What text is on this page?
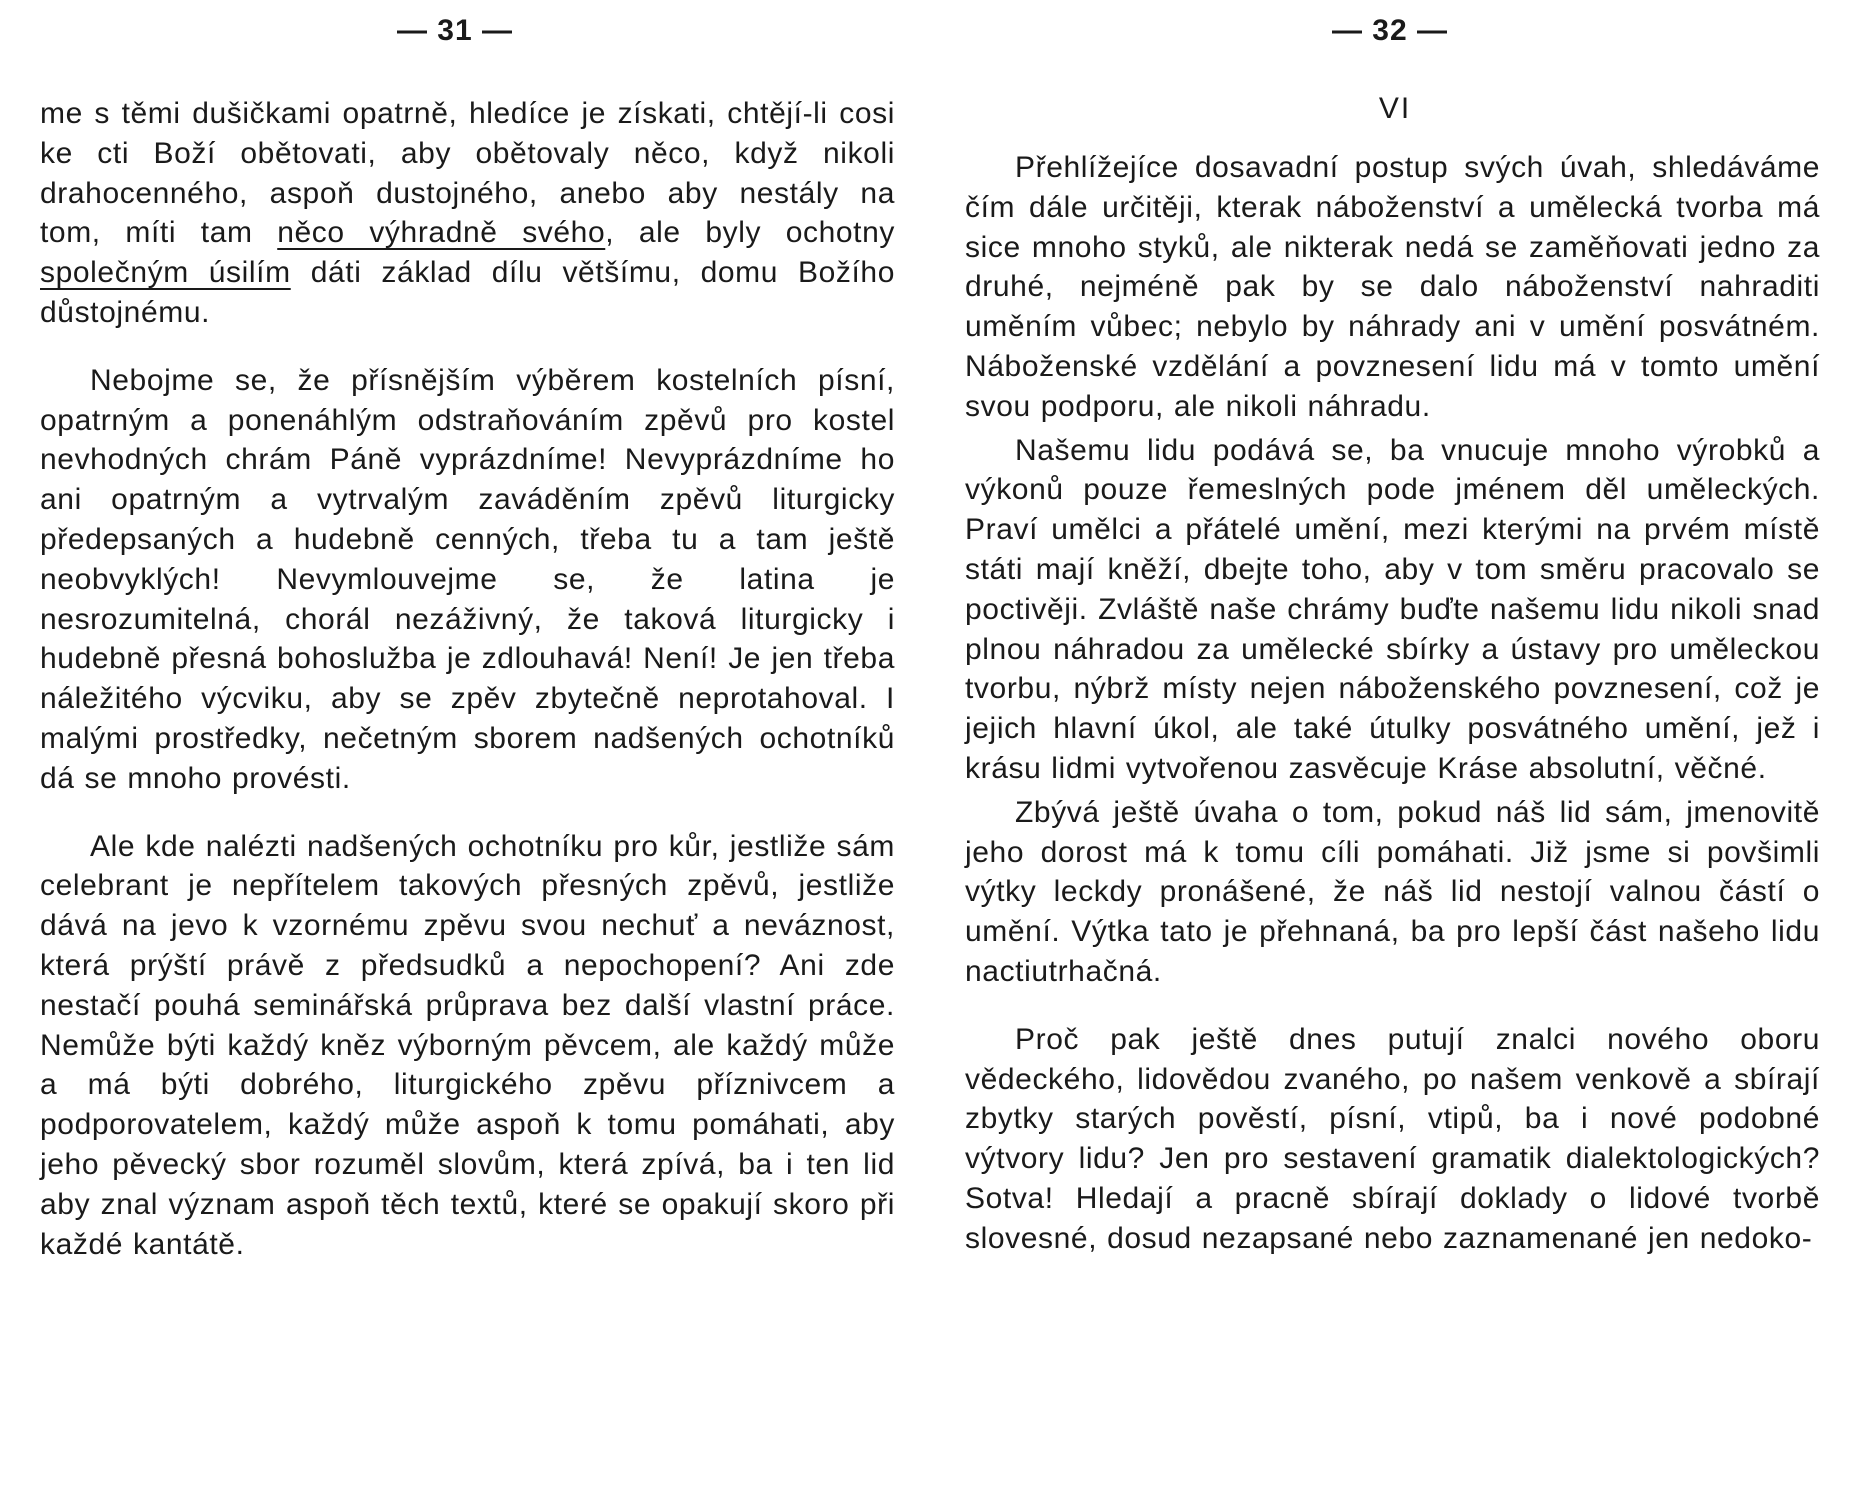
— 31 —

me s těmi dušičkami opatrně, hledíce je získati, chtějí-li cosi ke cti Boží obětovati, aby obětovaly něco, když nikoli drahocenného, aspoň dustojného, anebo aby nestály na tom, míti tam něco výhradně svého, ale byly ochotny společným úsilím dáti základ dílu většímu, domu Božího důstojnému.

Nebojme se, že přísnějším výběrem kostelních písní, opatrným a ponenáhlým odstraňováním zpěvů pro kostel nevhodných chrám Páně vyprázdníme! Nevyprázdníme ho ani opatrným a vytrvalým zaváděním zpěvů liturgicky předepsaných a hudebně cenných, třeba tu a tam ještě neobvyklých! Nevymlouvejme se, že latina je nesrozumitelná, chorál nezáživný, že taková liturgicky i hudebně přesná bohoslužba je zdlouhavá! Není! Je jen třeba náležitého výcviku, aby se zpěv zbytečně neprotahoval. I malými prostředky, nečetným sborem nadšených ochotníků dá se mnoho provésti.

Ale kde nalézti nadšených ochotníku pro kůr, jestliže sám celebrant je nepřítelem takových přesných zpěvů, jestliže dává na jevo k vzornému zpěvu svou nechuť a neváznost, která prýští právě z předsudků a nepochopení? Ani zde nestačí pouhá seminářská průprava bez další vlastní práce. Nemůže býti každý kněz výborným pěvcem, ale každý může a má býti dobrého, liturgického zpěvu příznivcem a podporovatelem, každý může aspoň k tomu pomáhati, aby jeho pěvecký sbor rozuměl slovům, která zpívá, ba i ten lid aby znal význam aspoň těch textů, které se opakují skoro při každé kantátě.

— 32 —
VI

Přehlížejíce dosavadní postup svých úvah, shledáváme čím dále určitěji, kterak náboženství a umělecká tvorba má sice mnoho styků, ale nikterak nedá se zaměňovati jedno za druhé, nejméně pak by se dalo náboženství nahraditi uměním vůbec; nebylo by náhrady ani v umění posvátném. Náboženské vzdělání a povznesení lidu má v tomto umění svou podporu, ale nikoli náhradu.

Našemu lidu podává se, ba vnucuje mnoho výrobků a výkonů pouze řemeslných pode jménem děl uměleckých. Praví umělci a přátelé umění, mezi kterými na prvém místě státi mají kněží, dbejte toho, aby v tom směru pracovalo se poctivěji. Zvláště naše chrámy buďte našemu lidu nikoli snad plnou náhradou za umělecké sbírky a ústavy pro uměleckou tvorbu, nýbrž místy nejen náboženského povznesení, což je jejich hlavní úkol, ale také útulky posvátného umění, jež i krásu lidmi vytvořenou zasvěcuje Kráse absolutní, věčné.

Zbývá ještě úvaha o tom, pokud náš lid sám, jmenovitě jeho dorost má k tomu cíli pomáhati. Již jsme si povšimli výtky leckdy pronášené, že náš lid nestojí valnou částí o umění. Výtka tato je přehnaná, ba pro lepší část našeho lidu nactiutrhačná.

Proč pak ještě dnes putují znalci nového oboru vědeckého, lidovědou zvaného, po našem venkově a sbírají zbytky starých pověstí, písní, vtipů, ba i nové podobné výtvory lidu? Jen pro sestavení gramatik dialektologických? Sotva! Hledají a pracně sbírají doklady o lidové tvorbě slovesné, dosud nezapsané nebo zaznamenané jen nedoko-
